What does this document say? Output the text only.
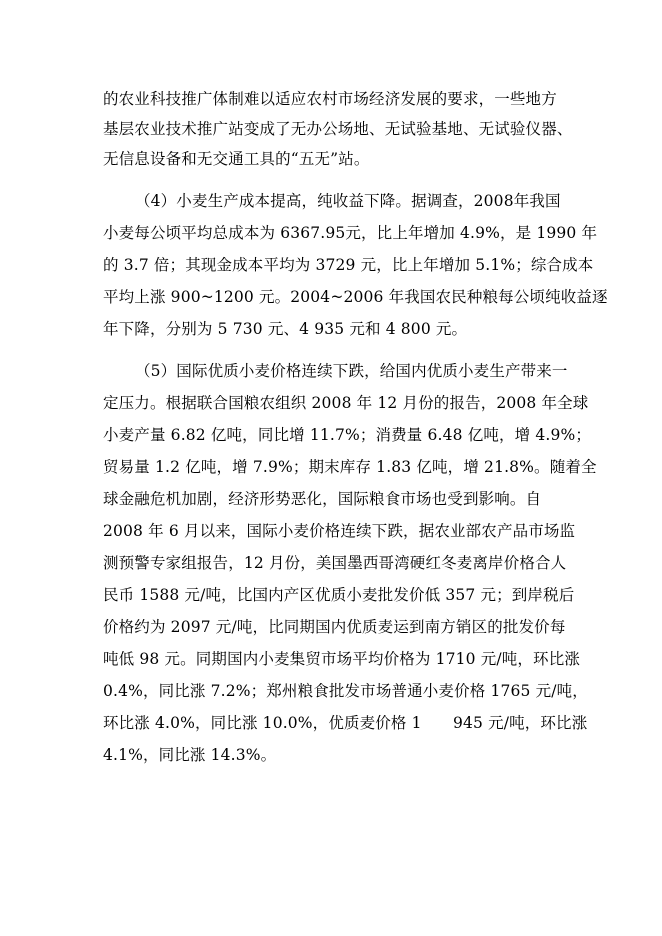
的农业科技推广体制难以适应农村市场经济发展的要求，一些地方
基层农业技术推广站变成了无办公场地、无试验基地、无试验仪器、
无信息设备和无交通工具的“五无”站。
（4）小麦生产成本提高，纯收益下降。据调查，2008年我国
小麦每公顷平均总成本为 6367.95元，比上年增加 4.9%，是 1990 年
的 3.7 倍；其现金成本平均为 3729 元，比上年增加 5.1%；综合成本
平均上涨 900~1200 元。2004~2006 年我国农民种粮每公顷纯收益逐
年下降，分别为 5 730 元、4 935 元和 4 800 元。
（5）国际优质小麦价格连续下跌，给国内优质小麦生产带来一
定压力。根据联合国粮农组织 2008 年 12 月份的报告，2008 年全球
小麦产量 6.82 亿吨，同比增 11.7%；消费量 6.48 亿吨，增 4.9%；
贸易量 1.2 亿吨，增 7.9%；期末库存 1.83 亿吨，增 21.8%。随着全
球金融危机加剧，经济形势恶化，国际粮食市场也受到影响。自
2008 年 6 月以来，国际小麦价格连续下跌，据农业部农产品市场监
测预警专家组报告，12 月份，美国墨西哥湾硬红冬麦离岸价格合人
民币 1588 元/吨，比国内产区优质小麦批发价低 357 元；到岸税后
价格约为 2097 元/吨，比同期国内优质麦运到南方销区的批发价每
吨低 98 元。同期国内小麦集贸市场平均价格为 1710 元/吨，环比涨
0.4%，同比涨 7.2%；郑州粮食批发市场普通小麦价格 1765 元/吨，
环比涨 4.0%，同比涨 10.0%，优质麦价格 1　　945 元/吨，环比涨
4.1%，同比涨 14.3%。
